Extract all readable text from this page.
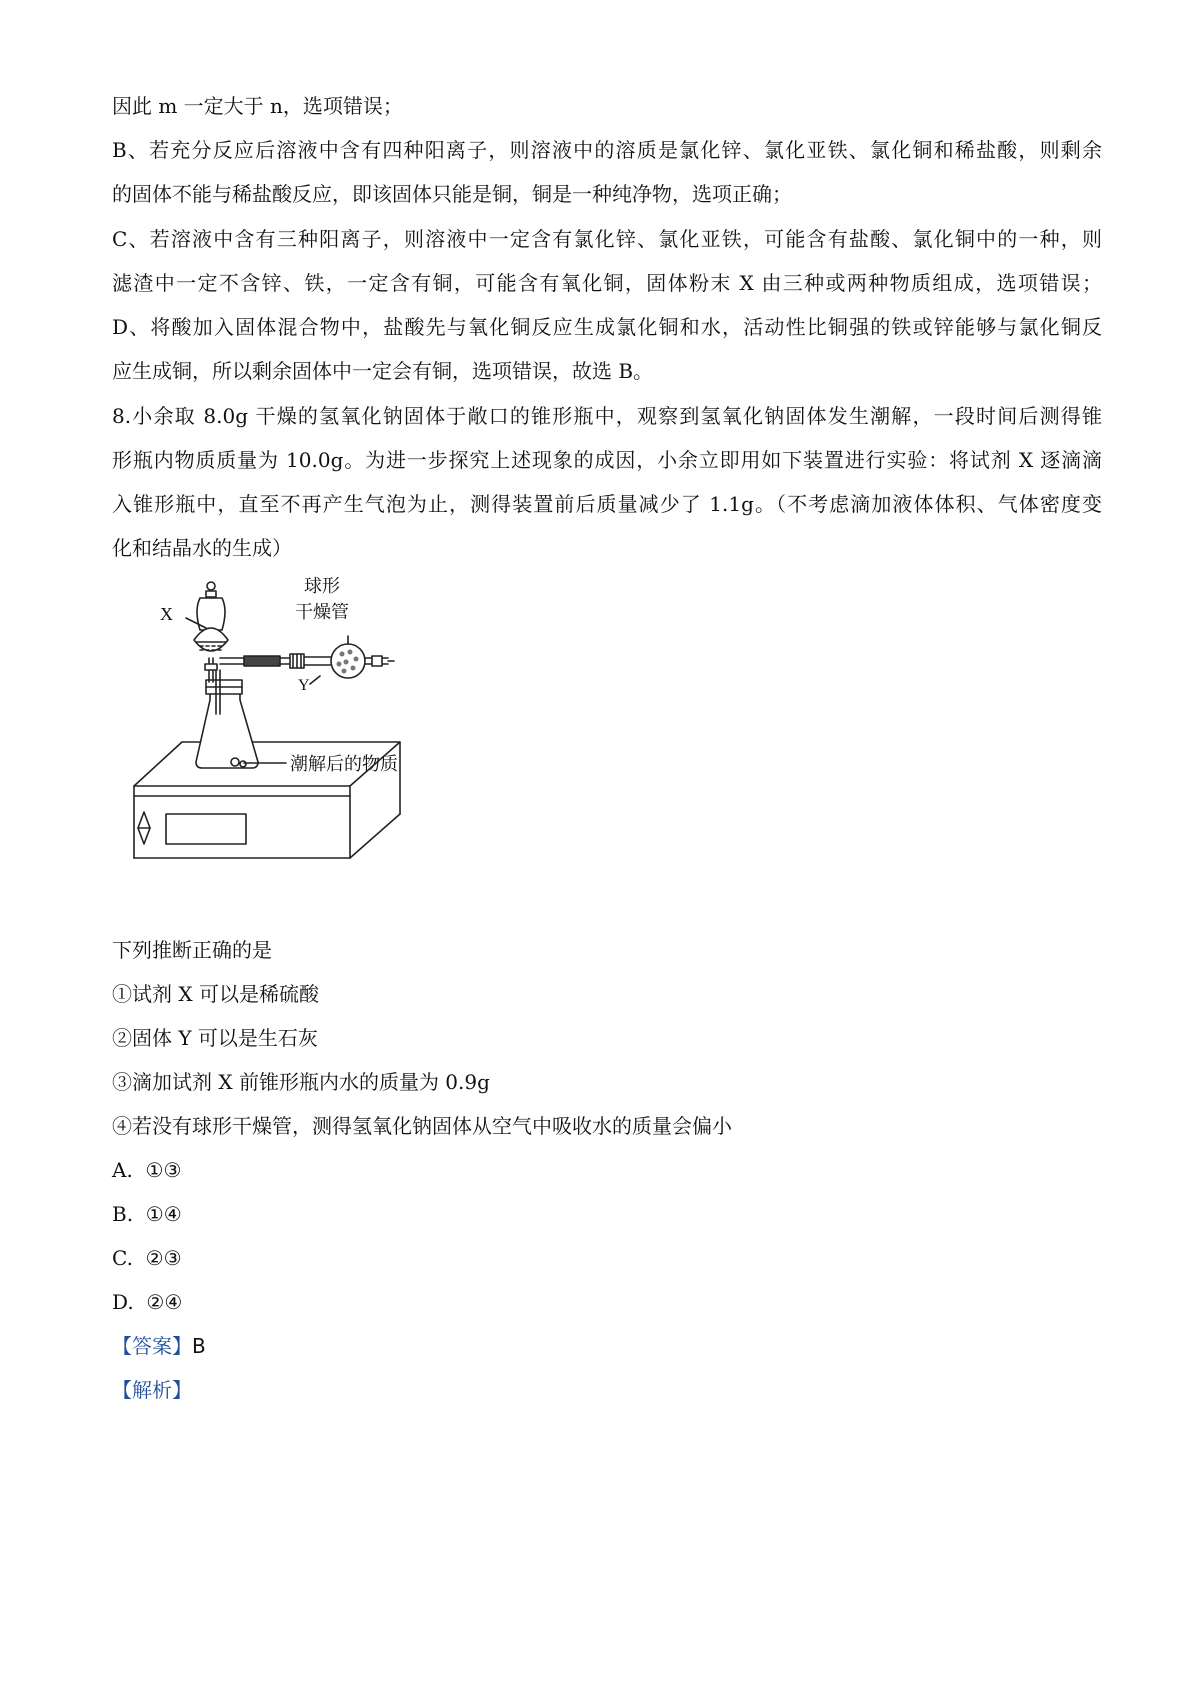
因此 m 一定大于 n，选项错误；
B、若充分反应后溶液中含有四种阳离子，则溶液中的溶质是氯化锌、氯化亚铁、氯化铜和稀盐酸，则剩余
的固体不能与稀盐酸反应，即该固体只能是铜，铜是一种纯净物，选项正确；
C、若溶液中含有三种阳离子，则溶液中一定含有氯化锌、氯化亚铁，可能含有盐酸、氯化铜中的一种，则
滤渣中一定不含锌、铁，一定含有铜，可能含有氧化铜，固体粉末 X 由三种或两种物质组成，选项错误；
D、将酸加入固体混合物中，盐酸先与氧化铜反应生成氯化铜和水，活动性比铜强的铁或锌能够与氯化铜反
应生成铜，所以剩余固体中一定会有铜，选项错误，故选 B。
8.小余取 8.0g 干燥的氢氧化钠固体于敞口的锥形瓶中，观察到氢氧化钠固体发生潮解，一段时间后测得锥
形瓶内物质质量为 10.0g。为进一步探究上述现象的成因，小余立即用如下装置进行实验：将试剂 X 逐滴滴
入锥形瓶中，直至不再产生气泡为止，测得装置前后质量减少了 1.1g。（不考虑滴加液体体积、气体密度变
化和结晶水的生成）
X
Y
球形
干燥管
潮解后的物质
下列推断正确的是
①试剂 X 可以是稀硫酸
②固体 Y 可以是生石灰
③滴加试剂 X 前锥形瓶内水的质量为 0.9g
④若没有球形干燥管，测得氢氧化钠固体从空气中吸收水的质量会偏小
A.  ①③
B.  ①④
C.  ②③
D.  ②④
【答案】B
【解析】
